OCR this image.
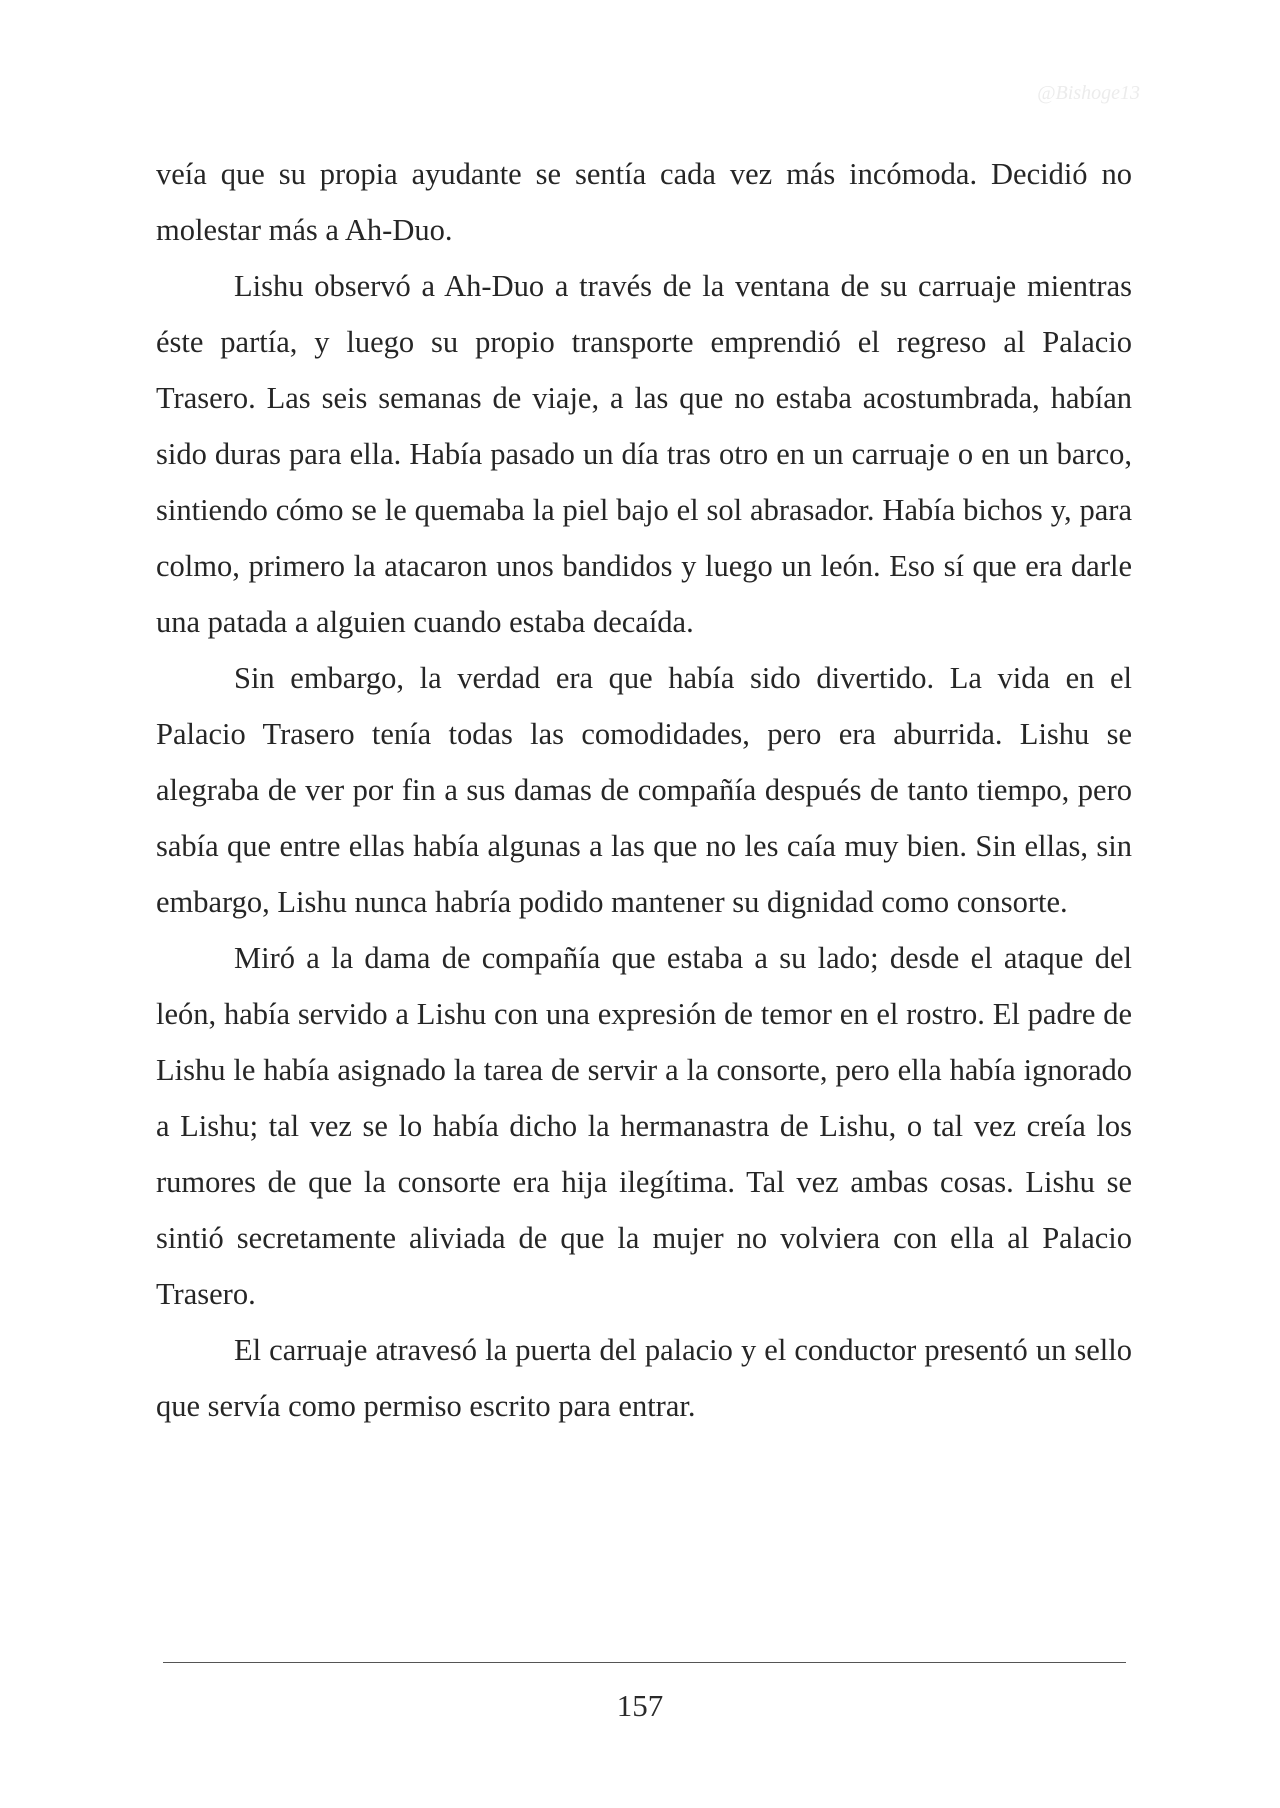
@Bishoge13

veía que su propia ayudante se sentía cada vez más incómoda. Decidió no molestar más a Ah-Duo.

Lishu observó a Ah-Duo a través de la ventana de su carruaje mientras éste partía, y luego su propio transporte emprendió el regreso al Palacio Trasero. Las seis semanas de viaje, a las que no estaba acostumbrada, habían sido duras para ella. Había pasado un día tras otro en un carruaje o en un barco, sintiendo cómo se le quemaba la piel bajo el sol abrasador. Había bichos y, para colmo, primero la atacaron unos bandidos y luego un león. Eso sí que era darle una patada a alguien cuando estaba decaída.

Sin embargo, la verdad era que había sido divertido. La vida en el Palacio Trasero tenía todas las comodidades, pero era aburrida. Lishu se alegraba de ver por fin a sus damas de compañía después de tanto tiempo, pero sabía que entre ellas había algunas a las que no les caía muy bien. Sin ellas, sin embargo, Lishu nunca habría podido mantener su dignidad como consorte.

Miró a la dama de compañía que estaba a su lado; desde el ataque del león, había servido a Lishu con una expresión de temor en el rostro. El padre de Lishu le había asignado la tarea de servir a la consorte, pero ella había ignorado a Lishu; tal vez se lo había dicho la hermanastra de Lishu, o tal vez creía los rumores de que la consorte era hija ilegítima. Tal vez ambas cosas. Lishu se sintió secretamente aliviada de que la mujer no volviera con ella al Palacio Trasero.

El carruaje atravesó la puerta del palacio y el conductor presentó un sello que servía como permiso escrito para entrar.

157
